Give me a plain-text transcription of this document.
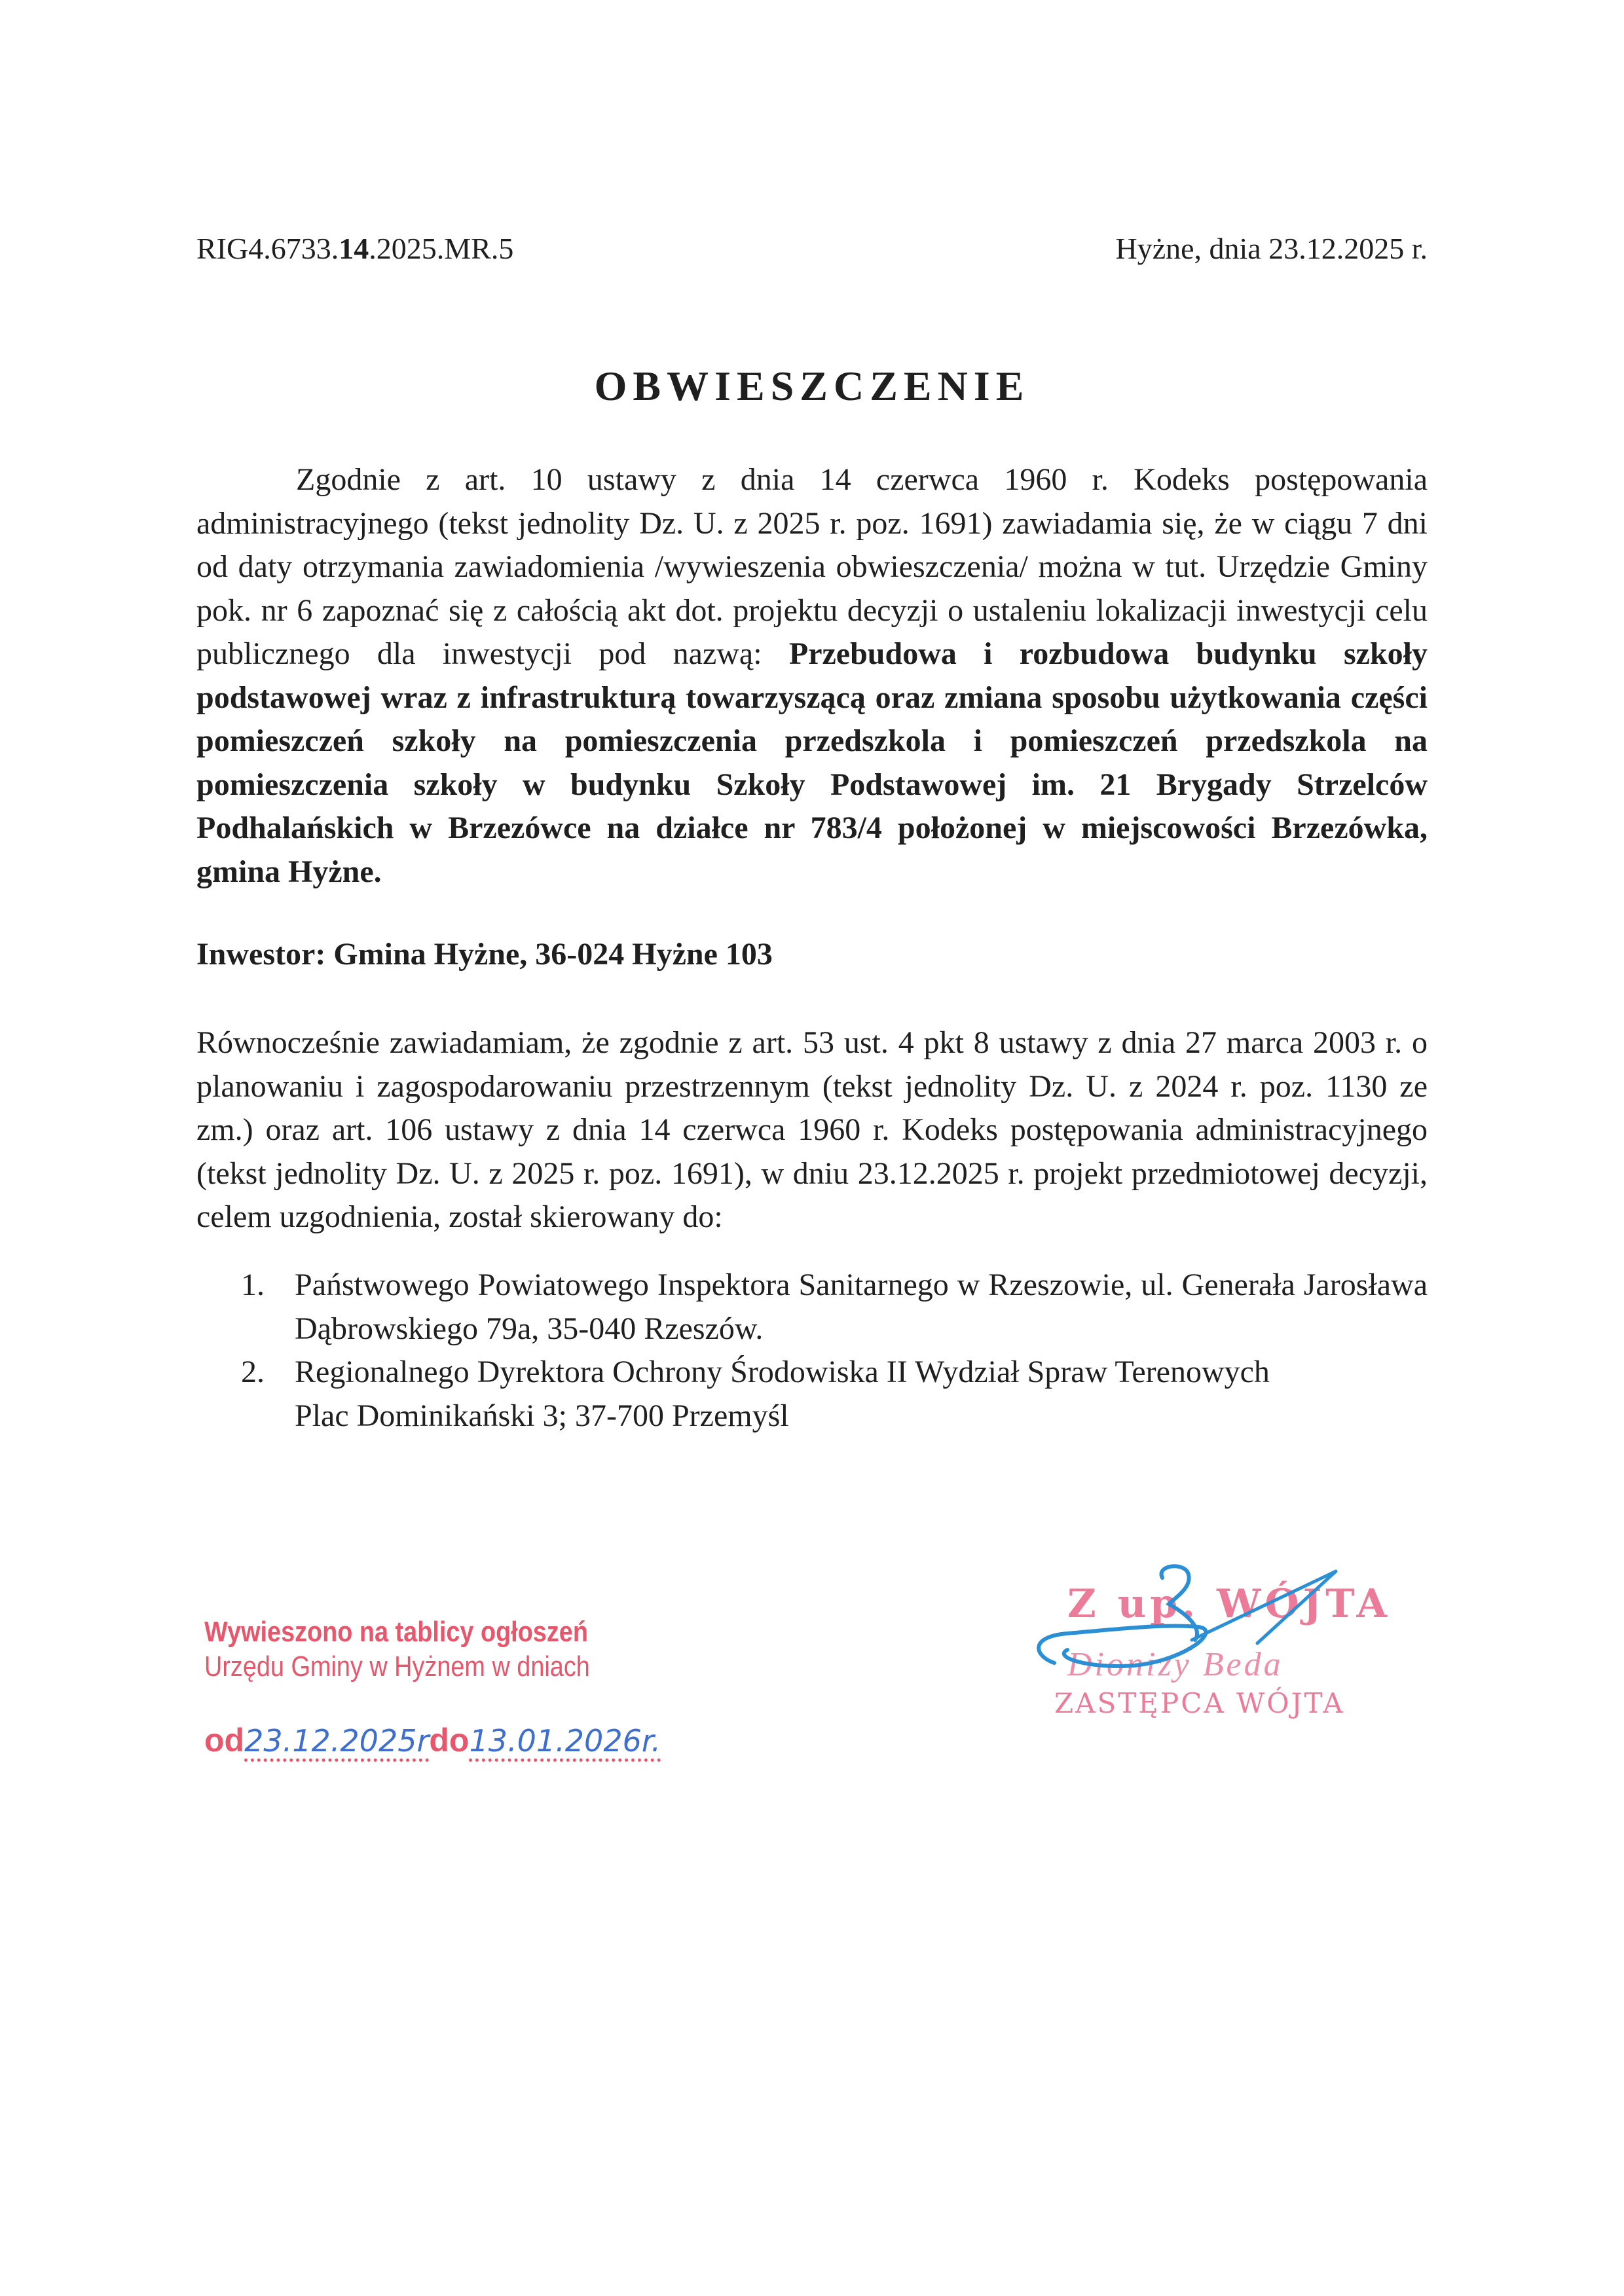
RIG4.6733.14.2025.MR.5	Hyżne, dnia 23.12.2025 r.
OBWIESZCZENIE
Zgodnie z art. 10 ustawy z dnia 14 czerwca 1960 r. Kodeks postępowania administracyjnego (tekst jednolity Dz. U. z 2025 r. poz. 1691) zawiadamia się, że w ciągu 7 dni od daty otrzymania zawiadomienia /wywieszenia obwieszczenia/ można w tut. Urzędzie Gminy pok. nr 6 zapoznać się z całością akt dot. projektu decyzji o ustaleniu lokalizacji inwestycji celu publicznego dla inwestycji pod nazwą: Przebudowa i rozbudowa budynku szkoły podstawowej wraz z infrastrukturą towarzyszącą oraz zmiana sposobu użytkowania części pomieszczeń szkoły na pomieszczenia przedszkola i pomieszczeń przedszkola na pomieszczenia szkoły w budynku Szkoły Podstawowej im. 21 Brygady Strzelców Podhalańskich w Brzezówce na działce nr 783/4 położonej w miejscowości Brzezówka, gmina Hyżne.
Inwestor: Gmina Hyżne, 36-024 Hyżne 103
Równocześnie zawiadamiam, że zgodnie z art. 53 ust. 4 pkt 8 ustawy z dnia 27 marca 2003 r. o planowaniu i zagospodarowaniu przestrzennym (tekst jednolity Dz. U. z 2024 r. poz. 1130 ze zm.) oraz art. 106 ustawy z dnia 14 czerwca 1960 r. Kodeks postępowania administracyjnego (tekst jednolity Dz. U. z 2025 r. poz. 1691), w dniu 23.12.2025 r. projekt przedmiotowej decyzji, celem uzgodnienia, został skierowany do:
1. Państwowego Powiatowego Inspektora Sanitarnego w Rzeszowie, ul. Generała Jarosława Dąbrowskiego 79a, 35-040 Rzeszów.
2. Regionalnego Dyrektora Ochrony Środowiska II Wydział Spraw Terenowych
Plac Dominikański 3; 37-700 Przemyśl
Wywieszono na tablicy ogłoszeń
Urzędu Gminy w Hyżnem w dniach
od23.12.2025rdo13.01.2026r.
Z up. WÓJTA
Dionizy Beda
ZASTĘPCA WÓJTA
